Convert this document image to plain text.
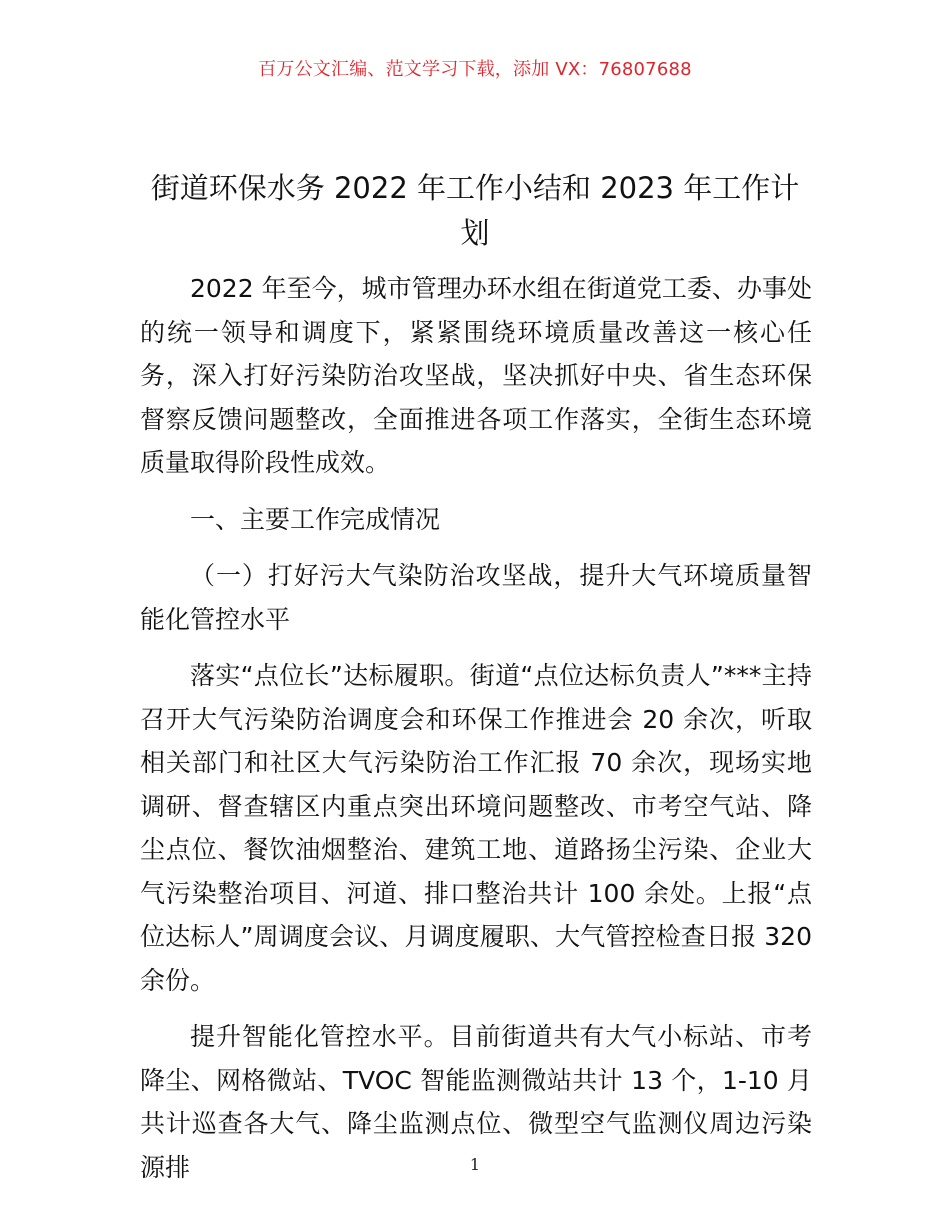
百万公文汇编、范文学习下载，添加 VX：76807688
街道环保水务 2022 年工作小结和 2023 年工作计划

2022 年至今，城市管理办环水组在街道党工委、办事处的统一领导和调度下，紧紧围绕环境质量改善这一核心任务，深入打好污染防治攻坚战，坚决抓好中央、省生态环保督察反馈问题整改，全面推进各项工作落实，全街生态环境质量取得阶段性成效。

一、主要工作完成情况

（一）打好污大气染防治攻坚战，提升大气环境质量智能化管控水平

落实“点位长”达标履职。街道“点位达标负责人”***主持召开大气污染防治调度会和环保工作推进会 20 余次，听取相关部门和社区大气污染防治工作汇报 70 余次，现场实地调研、督查辖区内重点突出环境问题整改、市考空气站、降尘点位、餐饮油烟整治、建筑工地、道路扬尘污染、企业大气污染整治项目、河道、排口整治共计 100 余处。上报“点位达标人”周调度会议、月调度履职、大气管控检查日报 320 余份。

提升智能化管控水平。目前街道共有大气小标站、市考降尘、网格微站、TVOC 智能监测微站共计 13 个，1-10 月共计巡查各大气、降尘监测点位、微型空气监测仪周边污染源排	1
